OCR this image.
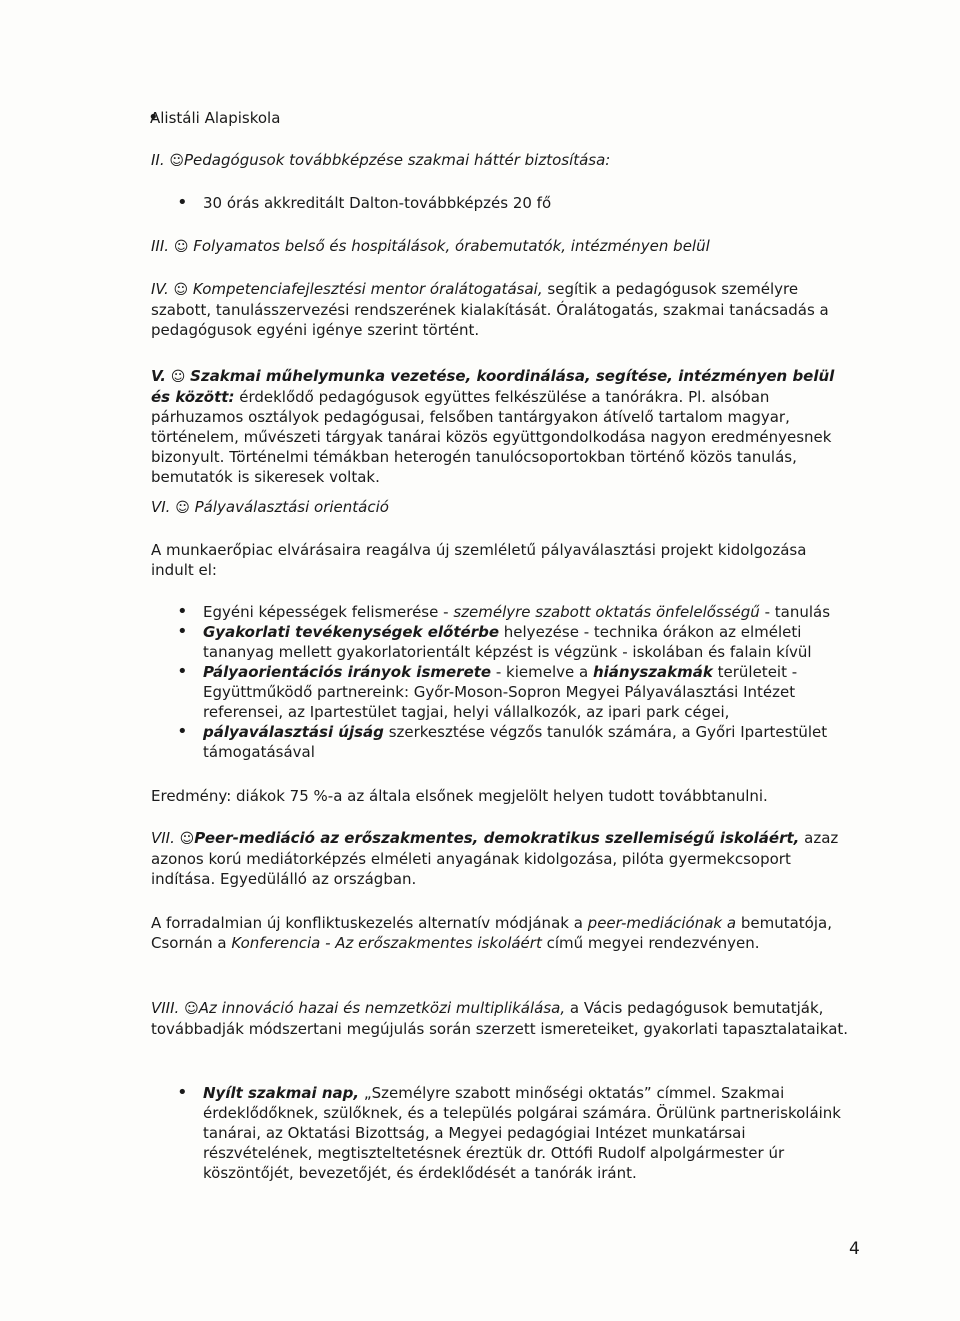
• Alistáli Alapiskola
II. ☺Pedagógusok továbbképzése szakmai háttér biztosítása:
• 30 órás akkreditált Dalton-továbbképzés 20 fő
III. ☺ Folyamatos belső és hospitálások, órabemutatók, intézményen belül
IV. ☺ Kompetenciafejlesztési mentor óralátogatásai, segítik a pedagógusok személyre szabott, tanulásszervezési rendszerének kialakítását. Óralátogatás, szakmai tanácsadás a pedagógusok egyéni igénye szerint történt.
V. ☺ Szakmai műhelymunka vezetése, koordinálása, segítése, intézményen belül és között: érdeklődő pedagógusok együttes felkészülése a tanórákra. Pl. alsóban párhuzamos osztályok pedagógusai, felsőben tantárgyakon átívelő tartalom magyar, történelem, művészeti tárgyak tanárai közös együttgondolkodása nagyon eredményesnek bizonyult. Történelmi témákban heterogén tanulócsoportokban történő közös tanulás, bemutatók is sikeresek voltak.
VI. ☺ Pályaválasztási orientáció
A munkaerőpiac elvárásaira reagálva új szemléletű pályaválasztási projekt kidolgozása indult el:
• Egyéni képességek felismerése - személyre szabott oktatás önfelelősségű - tanulás
• Gyakorlati tevékenységek előtérbe helyezése - technika órákon az elméleti tananyag mellett gyakorlatorientált képzést is végzünk - iskolában és falain kívül
• Pályaorientációs irányok ismerete - kiemelve a hiányszakmák területeit - Együttműködő partnereink: Győr-Moson-Sopron Megyei Pályaválasztási Intézet referensei, az Ipartestület tagjai, helyi vállalkozók, az ipari park cégei,
• pályaválasztási újság szerkesztése végzős tanulók számára, a Győri Ipartestület támogatásával
Eredmény: diákok 75 %-a az általa elsőnek megjelölt helyen tudott továbbtanulni.
VII. ☺Peer-mediáció az erőszakmentes, demokratikus szellemiségű iskoláért, azaz azonos korú mediátorképzés elméleti anyagának kidolgozása, pilóta gyermekcsoport indítása. Egyedülálló az országban.
A forradalmian új konfliktuskezelés alternatív módjának a peer-mediációnak a bemutatója, Csornán a Konferencia - Az erőszakmentes iskoláért című megyei rendezvényen.
VIII. ☺Az innováció hazai és nemzetközi multiplikálása, a Vácis pedagógusok bemutatják, továbbadják módszertani megújulás során szerzett ismereteiket, gyakorlati tapasztalataikat.
• Nyílt szakmai nap, „Személyre szabott minőségi oktatás” címmel. Szakmai érdeklődőknek, szülőknek, és a település polgárai számára. Örülünk partneriskoláink tanárai, az Oktatási Bizottság, a Megyei pedagógiai Intézet munkatársai részvételének, megtiszteltetésnek éreztük dr. Ottófi Rudolf alpolgármester úr köszöntőjét, bevezetőjét, és érdeklődését a tanórák iránt.
4
